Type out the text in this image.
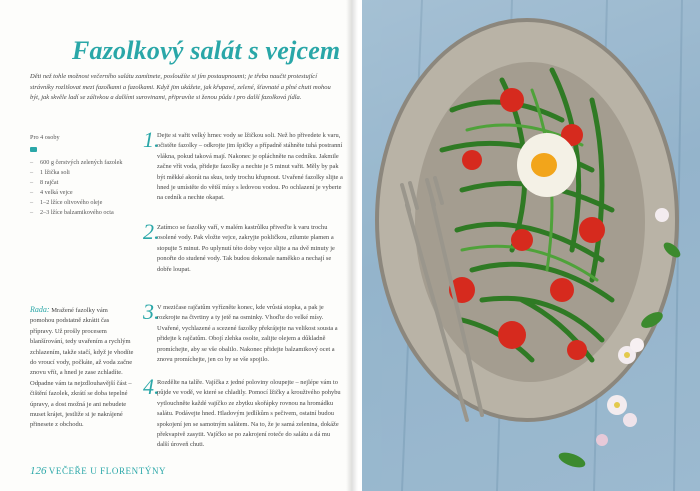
Fazolkový salát s vejcem

Děti než tohle možnost večerního salátu zamítnete, posloužíte si jím postaupnoumi; je třeba naučit protestující strávníky rozlišovat mezi fazolkami a fazolkami. Když jim ukážete, jak křupavé, zelené, šťavnaté a plné chuti mohou být, jak skvěle ladí se zálivkou a dalšími surovinami, připravíte si ženou půdu i pro další fazolková jídla.

Pro 4 osoby

– 600 g čerstvých zelených fazolek
– 1 lžička soli
– 8 rajčat
– 4 velká vejce
– 1–2 lžíce olivového oleje
– 2–3 lžíce balzamikového octa

Rada: Mražené fazolky vám pomohou podstatně zkrátit čas přípravy. Už prošly procesem blanšírování, tedy uvařením a rychlým zchlazením, takže stačí, když je vhodíte do vroucí vody, počkáte, až voda začne znovu vřít, a hned je zase zchladíte. Odpadne vám ta nejzdlouhavější část – čištění fazolek, zkrátí se doba tepelné úpravy, a dost možná je ani nebudete muset krájet, jestliže si je nakrájené přinesete z obchodu.

1.

Dejte si vařit velký hrnec vody se lžičkou soli. Než ho přivedete k varu, očistěte fazolky – odkrojte jim špičky a případně stáhněte tuhá postranní vlákna, pokud taková mají. Nakonec je opláchněte na cedníku. Jakmile začne vřít voda, přidejte fazolky a nechte je 5 minut vařit. Měly by pak být měkké akorát na skus, tedy trochu křupnout. Uvařené fazolky slijte a hned je umístěte do větší mísy s ledovou vodou. Po ochlazení je vyberte na cedník a nechte okapat.

2.

Zatímco se fazolky vaří, v malém kastrůlku přiveďte k varu trochu osolené vody. Pak vložte vejce, zakryjte pokličkou, ztlumte plamen a stopujte 5 minut. Po uplynutí této doby vejce slijte a na dvě minuty je ponořte do studené vody. Tak budou dokonale naměkko a nechají se dobře loupat.

3.

V mezičase rajčatům vyřízněte konec, kde vrůstá stopka, a pak je rozkrojte na čtvrtiny a ty jetě na osminky. Vhoďte do velké mísy. Uvařené, vychlazené a scezené fazolky překrájejte na velikost sousta a přidejte k rajčatům. Obojí zlehka osolte, zalijte olejem a důkladně promíchejte, aby se vše obalilo. Nakonec přidejte balzamikový ocet a znovu promíchejte, jen co by se vše spojilo.

4.

Rozdělte na talíře. Vajíčka z jedné poloviny oloupejte – nejlépe vám to půjde ve vodě, ve které se chladily. Pomocí lžičky a krouživého pohybu vytlouchněte každé vajíčko ze zbytku skořápky rovnou na hromádku salátu. Podávejte hned. Hladovým jedlíkům s pečivem, ostatní budou spokojení jen se samotným salátem. Na to, že je samá zelenina, dokáže překvapivě zasytit. Vajíčko se po zakrojení roteče do salátu a dá mu další úroveň chuti.

126 VEČEŘE U FLORENTÝNY
